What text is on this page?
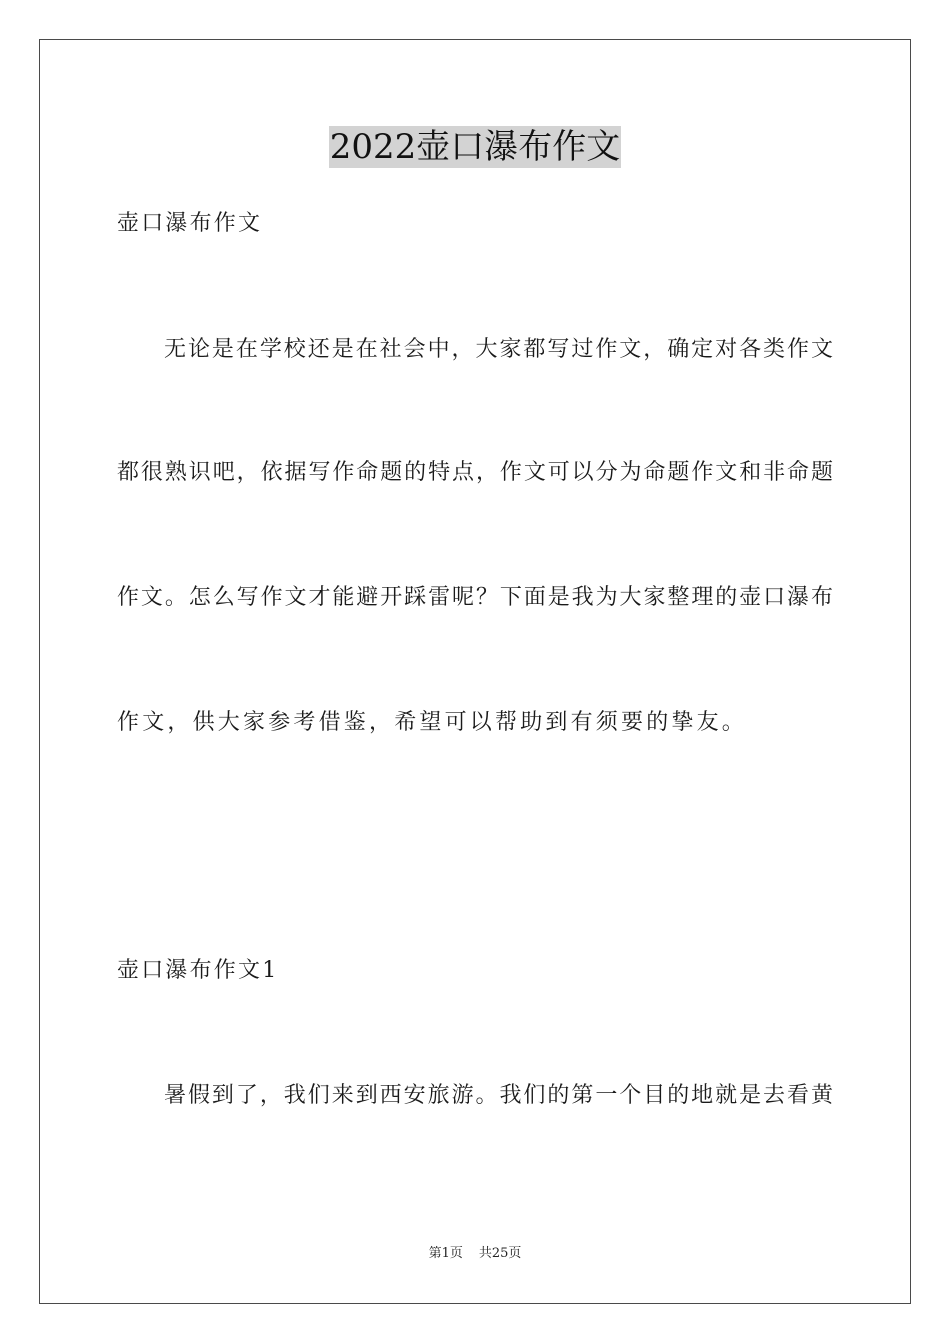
2022壶口瀑布作文
壶口瀑布作文
无论是在学校还是在社会中，大家都写过作文，确定对各类作文
都很熟识吧，依据写作命题的特点，作文可以分为命题作文和非命题
作文。怎么写作文才能避开踩雷呢？下面是我为大家整理的壶口瀑布
作文，供大家参考借鉴，希望可以帮助到有须要的挚友。
壶口瀑布作文1
暑假到了，我们来到西安旅游。我们的第一个目的地就是去看黄
第1页 共25页
